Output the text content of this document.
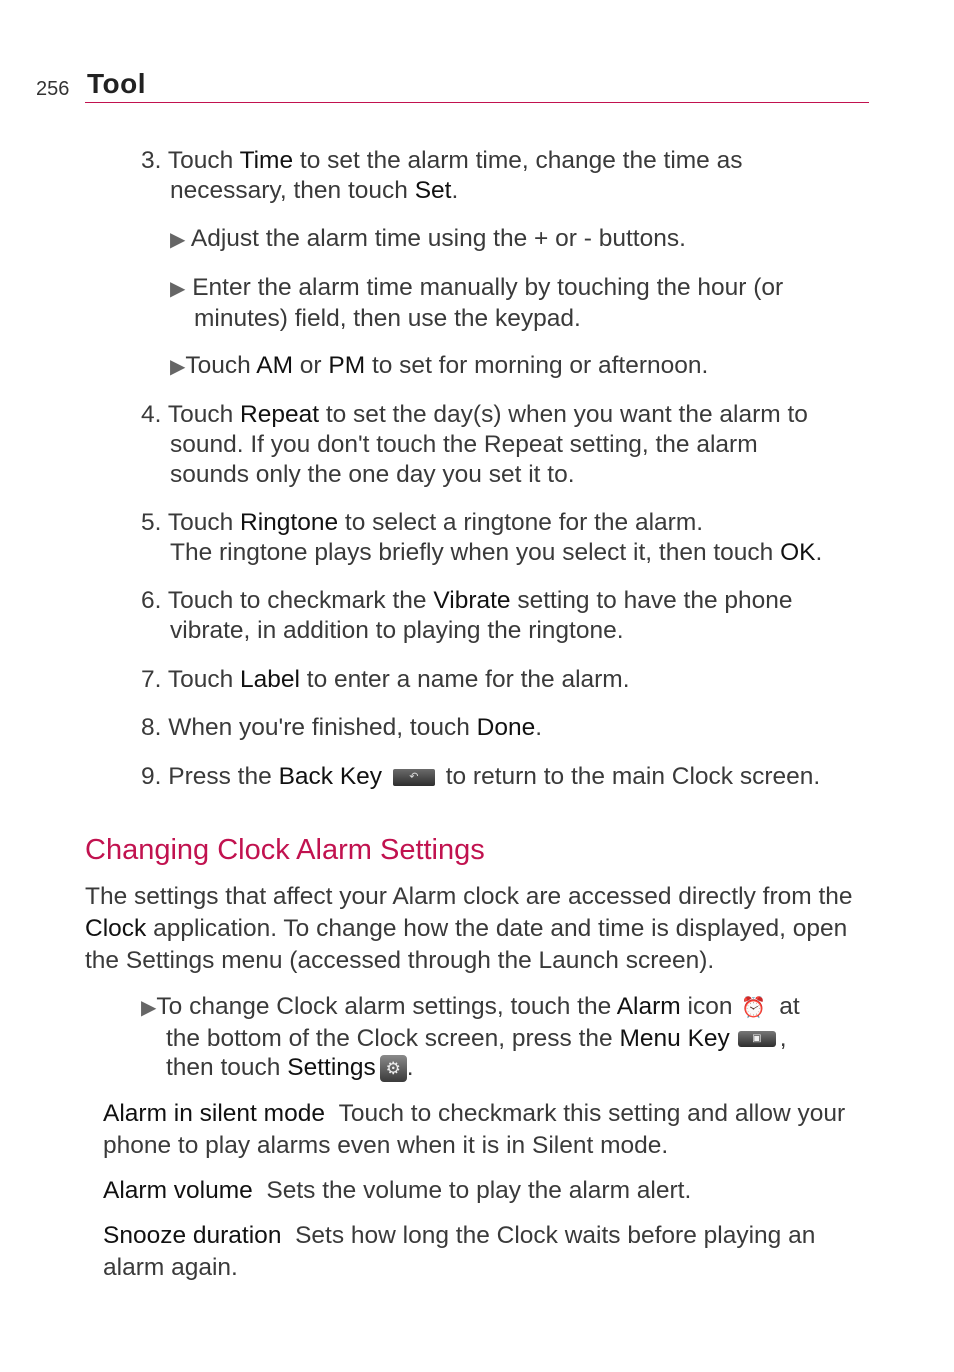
256 Tool
3. Touch Time to set the alarm time, change the time as
necessary, then touch Set.
▶ Adjust the alarm time using the + or - buttons.
▶ Enter the alarm time manually by touching the hour (or
minutes) field, then use the keypad.
▶Touch AM or PM to set for morning or afternoon.
4. Touch Repeat to set the day(s) when you want the alarm to
sound. If you don't touch the Repeat setting, the alarm
sounds only the one day you set it to.
5. Touch Ringtone to select a ringtone for the alarm.
The ringtone plays briefly when you select it, then touch OK.
6. Touch to checkmark the Vibrate setting to have the phone
vibrate, in addition to playing the ringtone.
7. Touch Label to enter a name for the alarm.
8. When you're finished, touch Done.
9. Press the Back Key	↶	to return to the main Clock screen.
Changing Clock Alarm Settings
The settings that affect your Alarm clock are accessed directly from the Clock application. To change how the date and time is displayed, open the Settings menu (accessed through the Launch screen).
▶To change Clock alarm settings, touch the Alarm icon ⏰ at
the bottom of the Clock screen, press the Menu Key	▣ ,
then touch Settings ⚙ .
Alarm in silent mode Touch to checkmark this setting and allow your phone to play alarms even when it is in Silent mode.
Alarm volume Sets the volume to play the alarm alert.
Snooze duration Sets how long the Clock waits before playing an alarm again.
